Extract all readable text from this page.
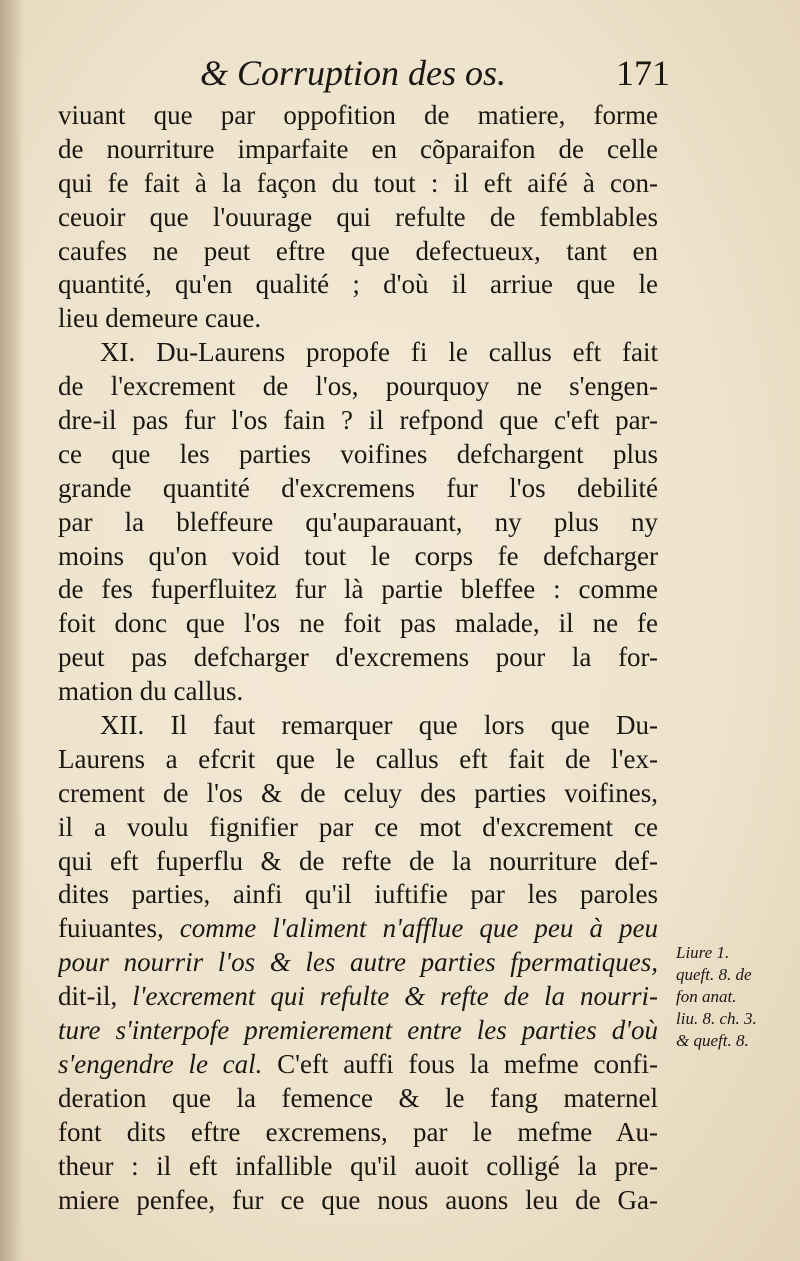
& Corruption des os.	171
viuant que par oppofition de matiere, forme
de nourriture imparfaite en cõparaifon de celle
qui fe fait à la façon du tout : il eft aifé à con-
ceuoir que l'ouurage qui refulte de femblables
caufes ne peut eftre que defectueux, tant en
quantité, qu'en qualité ; d'où il arriue que le
lieu demeure caue.
XI. Du-Laurens propofe fi le callus eft fait
de l'excrement de l'os, pourquoy ne s'engen-
dre-il pas fur l'os fain ? il refpond que c'eft par-
ce que les parties voifines defchargent plus
grande quantité d'excremens fur l'os debilité
par la bleffeure qu'auparauant, ny plus ny
moins qu'on void tout le corps fe defcharger
de fes fuperfluitez fur là partie bleffee : comme
foit donc que l'os ne foit pas malade, il ne fe
peut pas defcharger d'excremens pour la for-
mation du callus.
XII. Il faut remarquer que lors que Du-
Laurens a efcrit que le callus eft fait de l'ex-
crement de l'os & de celuy des parties voifines,
il a voulu fignifier par ce mot d'excrement ce
qui eft fuperflu & de refte de la nourriture def-
dites parties, ainfi qu'il iuftifie par les paroles
fuiuantes, comme l'aliment n'afflue que peu à peu
pour nourrir l'os & les autre parties fpermatiques,
dit-il, l'excrement qui refulte & refte de la nourri-
ture s'interpofe premierement entre les parties d'où
s'engendre le cal. C'eft auffi fous la mefme confi-
deration que la femence & le fang maternel
font dits eftre excremens, par le mefme Au-
theur : il eft infallible qu'il auoit colligé la pre-
miere penfee, fur ce que nous auons leu de Ga-
Liure 1.
queft. 8. de
fon anat.
liu. 8. ch. 3.
& queft. 8.
